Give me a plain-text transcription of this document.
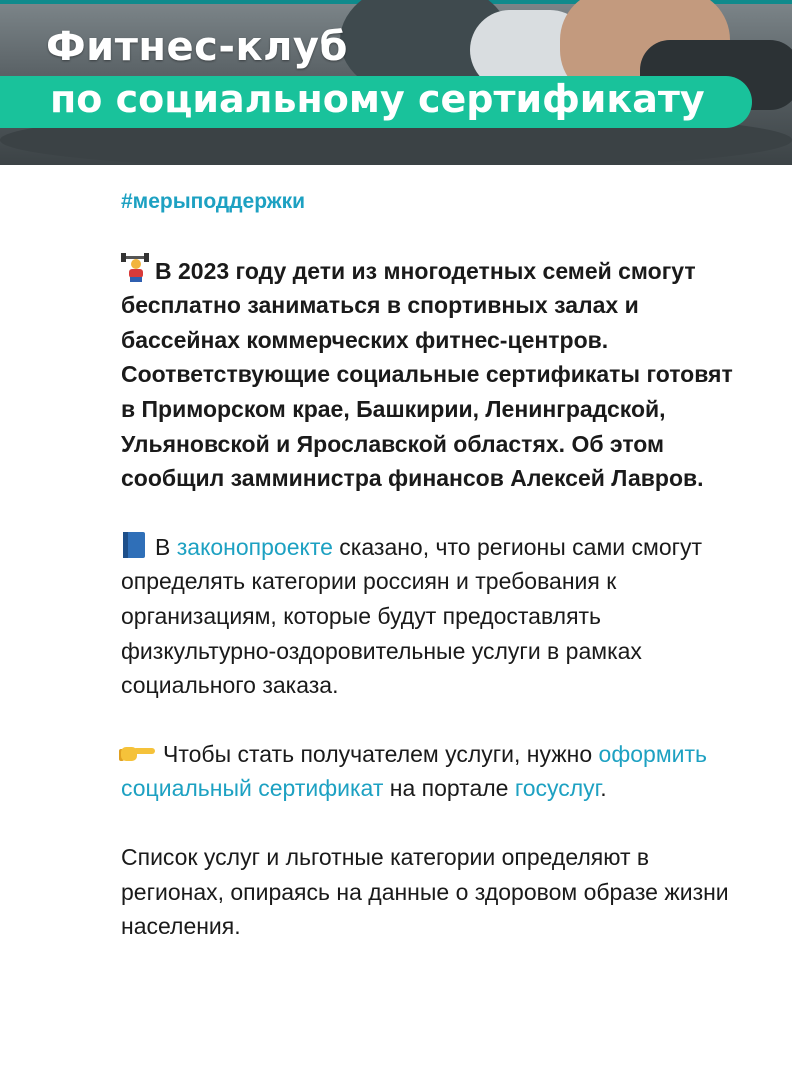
Фитнес-клуб
по социальному сертификату

#мерыподдержки

В 2023 году дети из многодетных семей смогут бесплатно заниматься в спортивных залах и бассейнах коммерческих фитнес-центров. Соответствующие социальные сертификаты готовят в Приморском крае, Башкирии, Ленинградской, Ульяновской и Ярославской областях. Об этом сообщил замминистра финансов Алексей Лавров.

В законопроекте сказано, что регионы сами смогут определять категории россиян и требования к организациям, которые будут предоставлять физкультурно-оздоровительные услуги в рамках социального заказа.

Чтобы стать получателем услуги, нужно оформить социальный сертификат на портале госуслуг.

Список услуг и льготные категории определяют в регионах, опираясь на данные о здоровом образе жизни населения.
